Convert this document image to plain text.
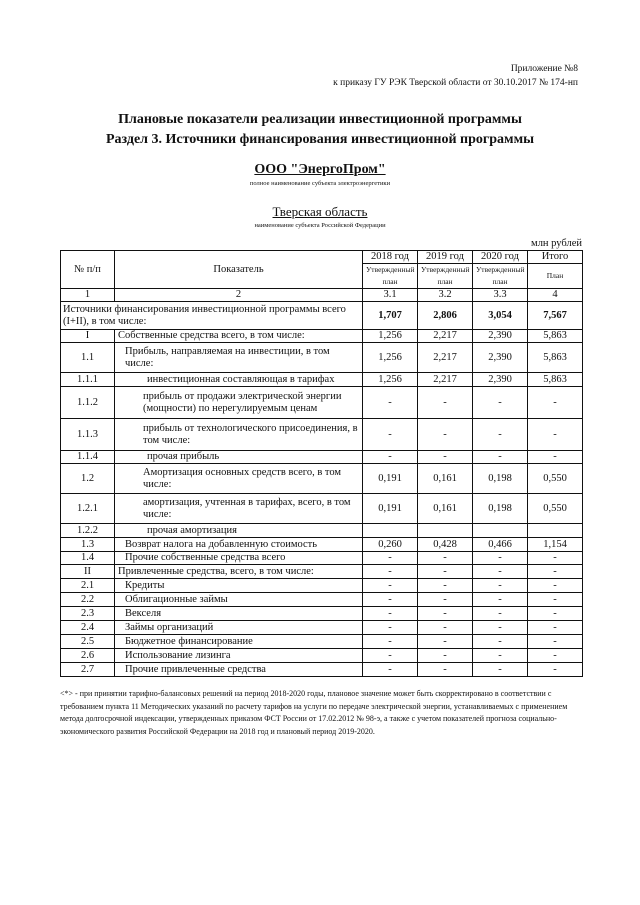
Приложение №8
к приказу ГУ РЭК Тверской области от 30.10.2017 № 174-нп
Плановые показатели реализации инвестиционной программы
Раздел 3. Источники финансирования инвестиционной программы
ООО "ЭнергоПром"
полное наименование субъекта электроэнергетики
Тверская область
наименование субъекта Российской Федерации
млн рублей
№ п/п	Показатель	2018 год	2019 год	2020 год	Итого
		Утвержденный план	Утвержденный план	Утвержденный план	План
1	2	3.1	3.2	3.3	4
Источники финансирования инвестиционной программы всего (I+II), в том числе:		1,707	2,806	3,054	7,567
I	Собственные средства всего, в том числе:	1,256	2,217	2,390	5,863
1.1	Прибыль, направляемая на инвестиции, в том числе:	1,256	2,217	2,390	5,863
1.1.1	инвестиционная составляющая в тарифах	1,256	2,217	2,390	5,863
1.1.2	прибыль от продажи электрической энергии (мощности) по нерегулируемым ценам	-	-	-	-
1.1.3	прибыль от технологического присоединения, в том числе:	-	-	-	-
1.1.4	прочая прибыль	-	-	-	-
1.2	Амортизация основных средств всего, в том числе:	0,191	0,161	0,198	0,550
1.2.1	амортизация, учтенная в тарифах, всего, в том числе:	0,191	0,161	0,198	0,550
1.2.2	прочая амортизация				
1.3	Возврат налога на добавленную стоимость	0,260	0,428	0,466	1,154
1.4	Прочие собственные средства всего	-	-	-	-
II	Привлеченные средства, всего, в том числе:	-	-	-	-
2.1	Кредиты	-	-	-	-
2.2	Облигационные займы	-	-	-	-
2.3	Векселя	-	-	-	-
2.4	Займы организаций	-	-	-	-
2.5	Бюджетное финансирование	-	-	-	-
2.6	Использование лизинга	-	-	-	-
2.7	Прочие привлеченные средства	-	-	-	-
<*> - при принятии тарифно-балансовых решений на период 2018-2020 годы, плановое значение может быть скорректировано в соответствии с требованием пункта 11 Методических указаний по расчету тарифов на услуги по передаче электрической энергии, устанавливаемых с применением метода долгосрочной индексации, утвержденных приказом ФСТ России от 17.02.2012 № 98-э, а также с учетом показателей прогноза социально-экономического развития Российской Федерации на 2018 год и плановый период 2019-2020.
